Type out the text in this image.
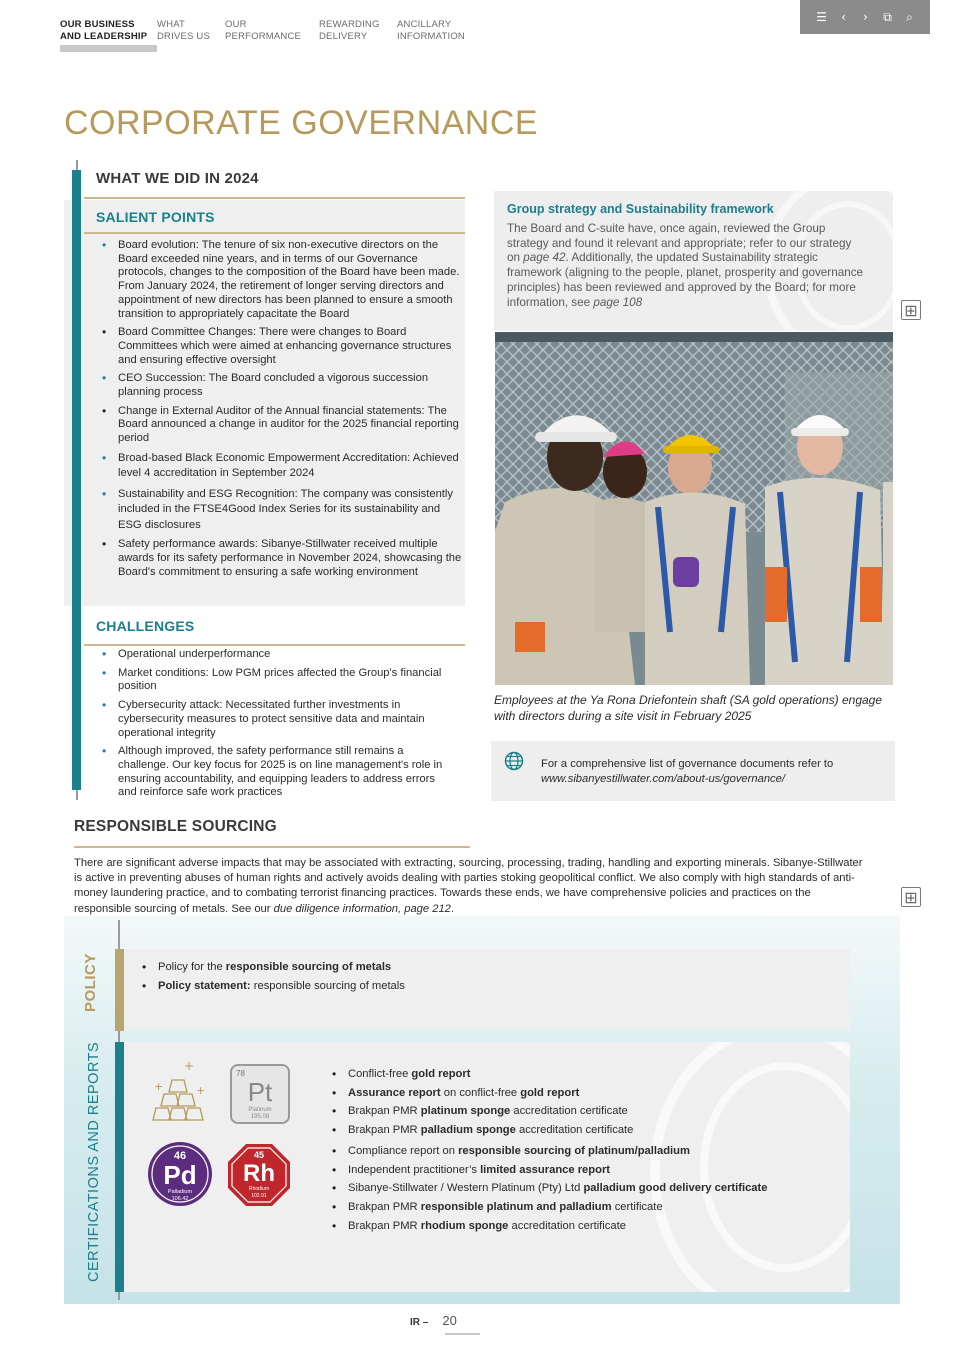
OUR BUSINESS
AND LEADERSHIP
WHAT
DRIVES US
OUR
PERFORMANCE
REWARDING
DELIVERY
ANCILLARY
INFORMATION
☰	‹	›	⧉ ⌕
CORPORATE GOVERNANCE
WHAT WE DID IN 2024
SALIENT POINTS
• Board evolution: The tenure of six non-executive directors on the Board exceeded nine years, and in terms of our Governance protocols, changes to the composition of the Board have been made. From January 2024, the retirement of longer serving directors and appointment of new directors has been planned to ensure a smooth transition to appropriately capacitate the Board
• Board Committee Changes: There were changes to Board Committees which were aimed at enhancing governance structures and ensuring effective oversight
• CEO Succession: The Board concluded a vigorous succession planning process
• Change in External Auditor of the Annual financial statements: The Board announced a change in auditor for the 2025 financial reporting period
• Broad-based Black Economic Empowerment Accreditation: Achieved level 4 accreditation in September 2024
• Sustainability and ESG Recognition: The company was consistently included in the FTSE4Good Index Series for its sustainability and ESG disclosures
• Safety performance awards: Sibanye-Stillwater received multiple awards for its safety performance in November 2024, showcasing the Board's commitment to ensuring a safe working environment
CHALLENGES
• Operational underperformance
• Market conditions: Low PGM prices affected the Group's financial position
• Cybersecurity attack: Necessitated further investments in cybersecurity measures to protect sensitive data and maintain operational integrity
• Although improved, the safety performance still remains a challenge. Our key focus for 2025 is on line management's role in ensuring accountability, and equipping leaders to address errors and reinforce safe work practices
Group strategy and Sustainability framework
The Board and C-suite have, once again, reviewed the Group strategy and found it relevant and appropriate; refer to our strategy on page 42. Additionally, the updated Sustainability strategic framework (aligning to the people, planet, prosperity and governance principles) has been reviewed and approved by the Board; for more information, see page 108	⊞
Employees at the Ya Rona Driefontein shaft (SA gold operations) engage with directors during a site visit in February 2025
For a comprehensive list of governance documents refer to www.sibanyestillwater.com/about-us/governance/
RESPONSIBLE SOURCING
There are significant adverse impacts that may be associated with extracting, sourcing, processing, trading, handling and exporting minerals. Sibanye-Stillwater is active in preventing abuses of human rights and actively avoids dealing with parties stoking geopolitical conflict. We also comply with high standards of anti-money laundering practice, and to combating terrorist financing practices. Towards these ends, we have comprehensive policies and practices on the responsible sourcing of metals. See our due diligence information, page 212.
⊞
POLICY
•	Policy for the responsible sourcing of metals
• Policy statement: responsible sourcing of metals
CERTIFICATIONS AND REPORTS	+
+	+
78
Pt
Platinum
195.08
46
Pd
Palladium
106.42
45
Rh
Rhodium
102.91
• Conflict-free gold report
• Assurance report on conflict-free gold report
• Brakpan PMR platinum sponge accreditation certificate
• Brakpan PMR palladium sponge accreditation certificate
• Compliance report on responsible sourcing of platinum/palladium
• Independent practitioner’s limited assurance report
• Sibanye-Stillwater / Western Platinum (Pty) Ltd palladium good delivery certificate
• Brakpan PMR responsible platinum and palladium certificate
• Brakpan PMR rhodium sponge accreditation certificate
IR – 20
